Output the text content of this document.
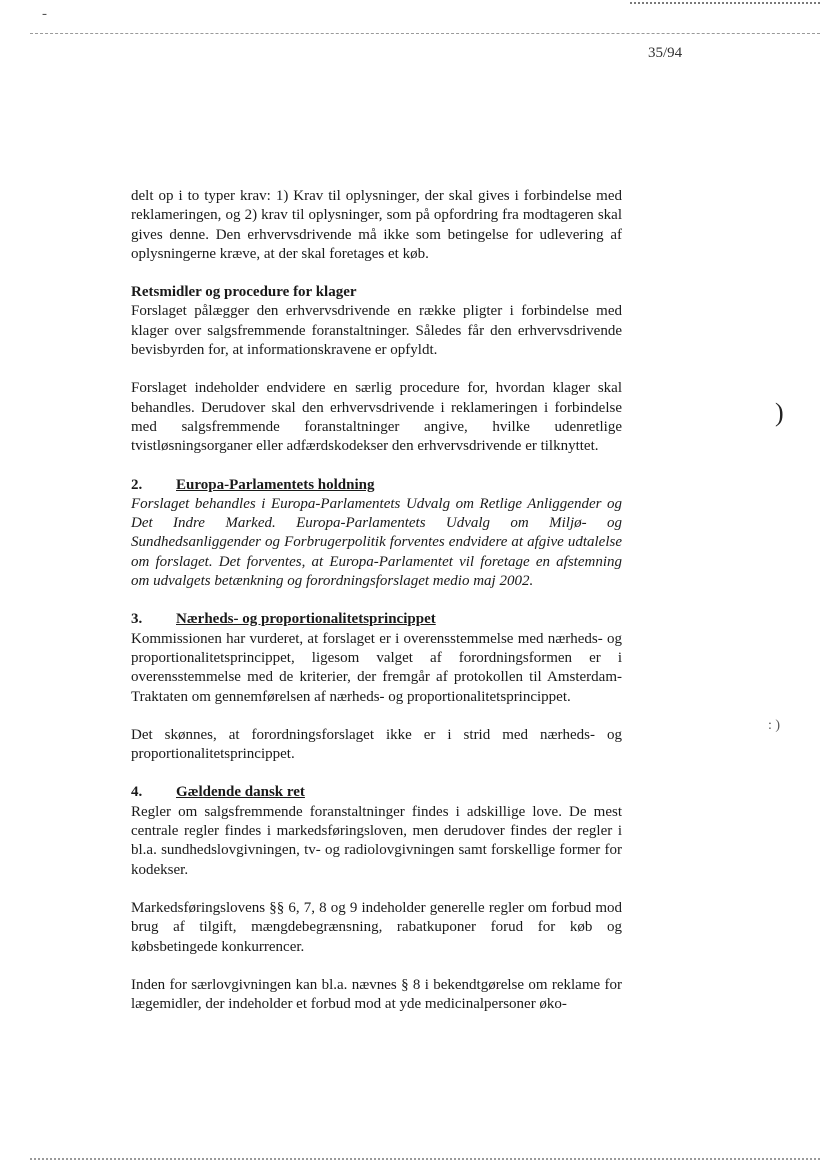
-
35/94
)
: )

delt op i to typer krav: 1) Krav til oplysninger, der skal gives i forbindelse med reklameringen, og 2) krav til oplysninger, som på opfordring fra modtageren skal gives denne. Den erhvervsdrivende må ikke som betingelse for udlevering af oplysningerne kræve, at der skal foretages et køb.

Retsmidler og procedure for klager

Forslaget pålægger den erhvervsdrivende en række pligter i forbindelse med klager over salgsfremmende foranstaltninger. Således får den erhvervsdrivende bevisbyrden for, at informationskravene er opfyldt.

Forslaget indeholder endvidere en særlig procedure for, hvordan klager skal behandles. Derudover skal den erhvervsdrivende i reklameringen i forbindelse med salgsfremmende foranstaltninger angive, hvilke udenretlige tvistløsningsorganer eller adfærdskodekser den erhvervsdrivende er tilknyttet.

2.	Europa-Parlamentets holdning

Forslaget behandles i Europa-Parlamentets Udvalg om Retlige Anliggender og Det Indre Marked. Europa-Parlamentets Udvalg om Miljø- og Sundhedsanliggender og Forbrugerpolitik forventes endvidere at afgive udtalelse om forslaget. Det forventes, at Europa-Parlamentet vil foretage en afstemning om udvalgets betænkning og forordningsforslaget medio maj 2002.

3.	Nærheds- og proportionalitetsprincippet

Kommissionen har vurderet, at forslaget er i overensstemmelse med nærheds- og proportionalitetsprincippet, ligesom valget af forordningsformen er i overensstemmelse med de kriterier, der fremgår af protokollen til Amsterdam-Traktaten om gennemførelsen af nærheds- og proportionalitetsprincippet.

Det skønnes, at forordningsforslaget ikke er i strid med nærheds- og proportionalitetsprincippet.

4.	Gældende dansk ret

Regler om salgsfremmende foranstaltninger findes i adskillige love. De mest centrale regler findes i markedsføringsloven, men derudover findes der regler i bl.a. sundhedslovgivningen, tv- og radiolovgivningen samt forskellige former for kodekser.

Markedsføringslovens §§ 6, 7, 8 og 9 indeholder generelle regler om forbud mod brug af tilgift, mængdebegrænsning, rabatkuponer forud for køb og købsbetingede konkurrencer.

Inden for særlovgivningen kan bl.a. nævnes § 8 i bekendtgørelse om reklame for lægemidler, der indeholder et forbud mod at yde medicinalpersoner øko-
